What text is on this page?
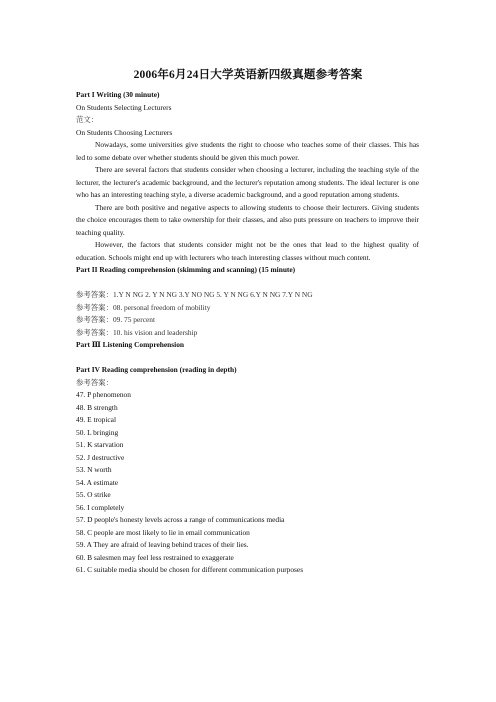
2006年6月24日大学英语新四级真题参考答案

Part I Writing (30 minute)

On Students Selecting Lecturers

范文：

On Students Choosing Lecturers

Nowadays, some universities give students the right to choose who teaches some of their classes. This has led to some debate over whether students should be given this much power.

There are several factors that students consider when choosing a lecturer, including the teaching style of the lecturer, the lecturer's academic background, and the lecturer's reputation among students. The ideal lecturer is one who has an interesting teaching style, a diverse academic background, and a good reputation among students.

There are both positive and negative aspects to allowing students to choose their lecturers. Giving students the choice encourages them to take ownership for their classes, and also puts pressure on teachers to improve their teaching quality.

However, the factors that students consider might not be the ones that lead to the highest quality of education. Schools might end up with lecturers who teach interesting classes without much content.

Part II Reading comprehension (skimming and scanning) (15 minute)

参考答案：1.Y N NG 2. Y N NG 3.Y NO NG 5. Y N NG 6.Y N NG 7.Y N NG

参考答案：08. personal freedom of mobility

参考答案：09. 75 percent

参考答案：10. his vision and leadership

Part Ⅲ Listening Comprehension

Part IV Reading comprehension (reading in depth)

参考答案：

47. P phenomenon
48. B strength
49. E tropical
50. L bringing
51. K starvation
52. J destructive
53. N worth
54. A estimate
55. O strike
56. I completely
57. D people's honesty levels across a range of communications media
58. C people are most likely to lie in email communication
59. A They are afraid of leaving behind traces of their lies.
60. B salesmen may feel less restrained to exaggerate
61. C suitable media should be chosen for different communication purposes
